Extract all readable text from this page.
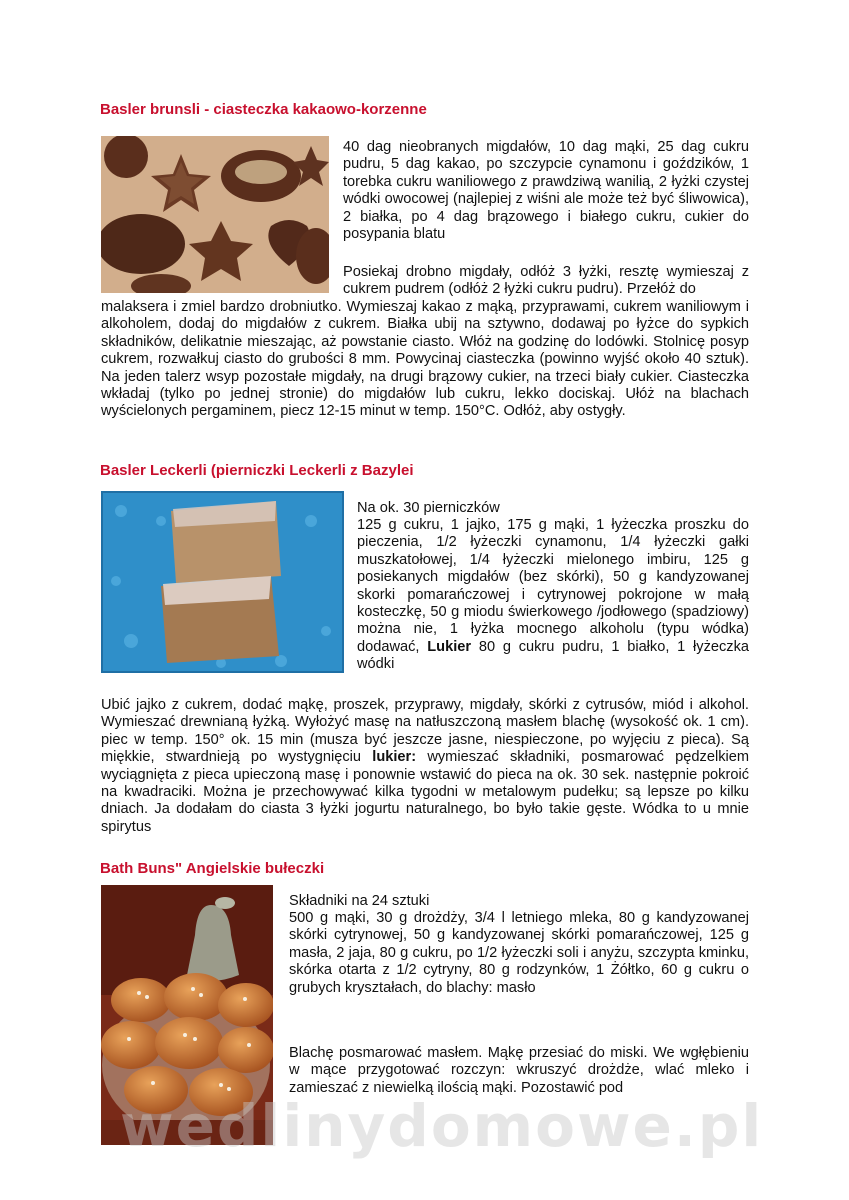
Basler brunsli - ciasteczka kakaowo-korzenne

40 dag nieobranych migdałów, 10 dag mąki, 25 dag cukru pudru, 5 dag kakao, po szczypcie cynamonu i goździków, 1 torebka cukru waniliowego z prawdziwą wanilią, 2 łyżki czystej wódki owocowej (najlepiej z wiśni ale może też być śliwowica), 2 białka, po 4 dag brązowego i białego cukru, cukier do posypania blatu

Posiekaj drobno migdały, odłóż 3 łyżki, resztę wymieszaj z cukrem pudrem (odłóż 2 łyżki cukru pudru). Przełóż do

malaksera i zmiel bardzo drobniutko. Wymieszaj kakao z mąką, przyprawami, cukrem waniliowym i alkoholem, dodaj do migdałów z cukrem. Białka ubij na sztywno, dodawaj po łyżce do sypkich składników, delikatnie mieszając, aż powstanie ciasto. Włóż na godzinę do lodówki. Stolnicę posyp cukrem, rozwałkuj ciasto do grubości 8 mm. Powycinaj ciasteczka (powinno wyjść około 40 sztuk). Na jeden talerz wsyp pozostałe migdały, na drugi brązowy cukier, na trzeci biały cukier. Ciasteczka wkładaj (tylko po jednej stronie) do migdałów lub cukru, lekko dociskaj. Ułóż na blachach wyścielonych pergaminem, piecz 12-15 minut w temp. 150°C. Odłóż, aby ostygły.

Basler Leckerli (pierniczki Leckerli z Bazylei

Na ok. 30 pierniczków

125 g cukru, 1 jajko, 175 g mąki, 1 łyżeczka proszku do pieczenia, 1/2 łyżeczki cynamonu, 1/4 łyżeczki gałki muszkatołowej, 1/4 łyżeczki mielonego imbiru, 125 g posiekanych migdałów (bez skórki), 50 g kandyzowanej skorki pomarańczowej i cytrynowej pokrojone w małą kosteczkę, 50 g miodu świerkowego /jodłowego (spadziowy) można nie, 1 łyżka mocnego alkoholu (typu wódka) dodawać, Lukier 80 g cukru pudru, 1 białko, 1 łyżeczka wódki

Ubić jajko z cukrem, dodać mąkę, proszek, przyprawy, migdały, skórki z cytrusów, miód i alkohol. Wymieszać drewnianą łyżką. Wyłożyć masę na natłuszczoną masłem blachę (wysokość ok. 1 cm). piec w temp. 150° ok. 15 min (musza być jeszcze jasne, niespieczone, po wyjęciu z pieca). Są miękkie, stwardnieją po wystygnięciu lukier: wymieszać składniki, posmarować pędzelkiem wyciągnięta z pieca upieczoną masę i ponownie wstawić do pieca na ok. 30 sek. następnie pokroić na kwadraciki. Można je przechowywać kilka tygodni w metalowym pudełku; są lepsze po kilku dniach. Ja dodałam do ciasta 3 łyżki jogurtu naturalnego, bo było takie gęste. Wódka to u mnie spirytus

Bath Buns" Angielskie bułeczki

Składniki na 24 sztuki

500 g mąki, 30 g drożdży, 3/4 l letniego mleka, 80 g kandyzowanej skórki cytrynowej, 50 g kandyzowanej skórki pomarańczowej, 125 g masła, 2 jaja, 80 g cukru, po 1/2 łyżeczki soli i anyżu, szczypta kminku, skórka otarta z 1/2 cytryny, 80 g rodzynków, 1 Żółtko, 60 g cukru o grubych kryształach, do blachy: masło

Blachę posmarować masłem. Mąkę przesiać do miski. We wgłębieniu w mące przygotować rozczyn: wkruszyć drożdże, wlać mleko i zamieszać z niewielką ilością mąki. Pozostawić pod

wedlinydomowe.pl
